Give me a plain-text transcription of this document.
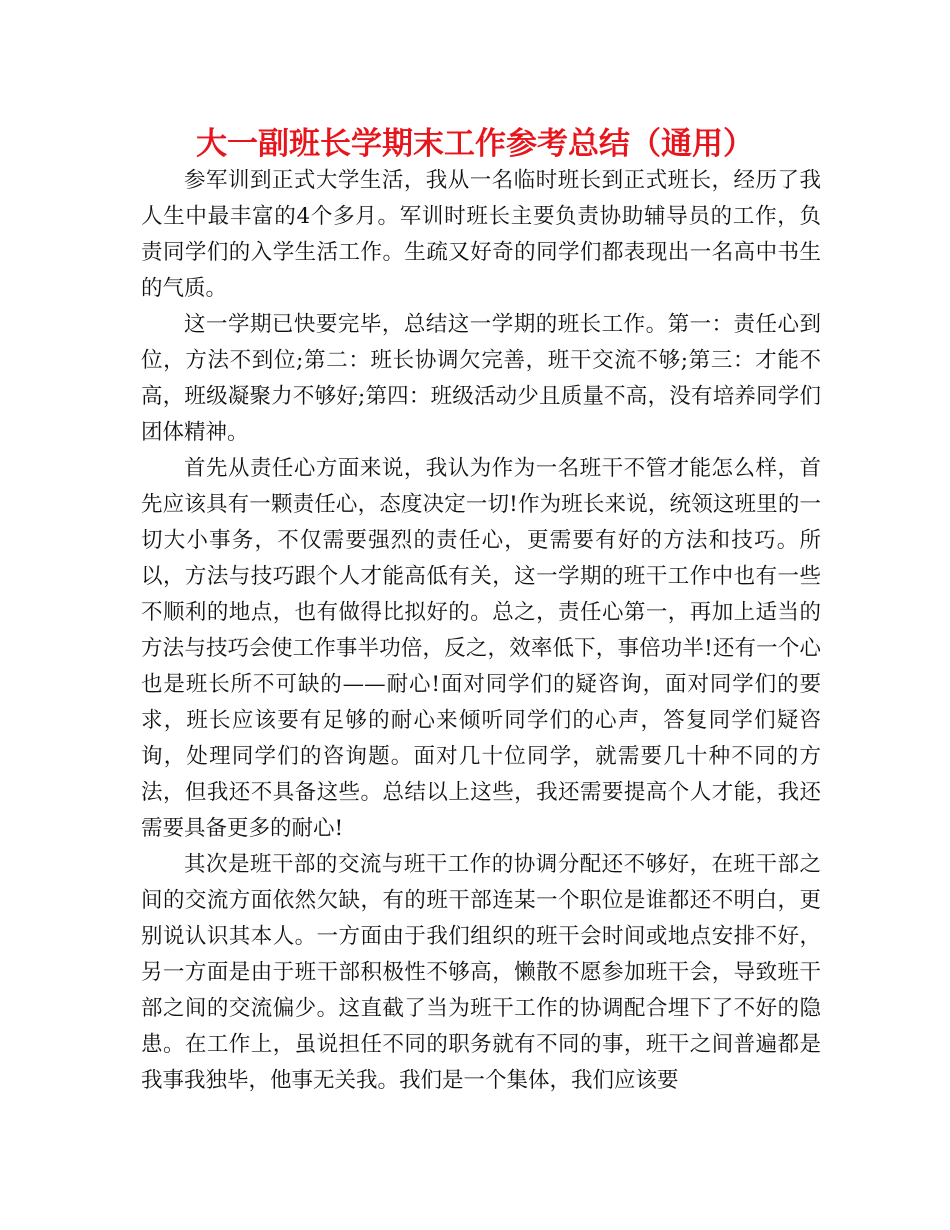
大一副班长学期末工作参考总结（通用）

参军训到正式大学生活，我从一名临时班长到正式班长，经历了我人生中最丰富的4个多月。军训时班长主要负责协助辅导员的工作，负责同学们的入学生活工作。生疏又好奇的同学们都表现出一名高中书生的气质。

这一学期已快要完毕，总结这一学期的班长工作。第一：责任心到位，方法不到位;第二：班长协调欠完善，班干交流不够;第三：才能不高，班级凝聚力不够好;第四：班级活动少且质量不高，没有培养同学们团体精神。

首先从责任心方面来说，我认为作为一名班干不管才能怎么样，首先应该具有一颗责任心，态度决定一切!作为班长来说，统领这班里的一切大小事务，不仅需要强烈的责任心，更需要有好的方法和技巧。所以，方法与技巧跟个人才能高低有关，这一学期的班干工作中也有一些不顺利的地点，也有做得比拟好的。总之，责任心第一，再加上适当的方法与技巧会使工作事半功倍，反之，效率低下，事倍功半!还有一个心也是班长所不可缺的——耐心!面对同学们的疑咨询，面对同学们的要求，班长应该要有足够的耐心来倾听同学们的心声，答复同学们疑咨询，处理同学们的咨询题。面对几十位同学，就需要几十种不同的方法，但我还不具备这些。总结以上这些，我还需要提高个人才能，我还需要具备更多的耐心!

其次是班干部的交流与班干工作的协调分配还不够好，在班干部之间的交流方面依然欠缺，有的班干部连某一个职位是谁都还不明白，更别说认识其本人。一方面由于我们组织的班干会时间或地点安排不好，另一方面是由于班干部积极性不够高，懒散不愿参加班干会，导致班干部之间的交流偏少。这直截了当为班干工作的协调配合埋下了不好的隐患。在工作上，虽说担任不同的职务就有不同的事，班干之间普遍都是我事我独毕，他事无关我。我们是一个集体，我们应该要
